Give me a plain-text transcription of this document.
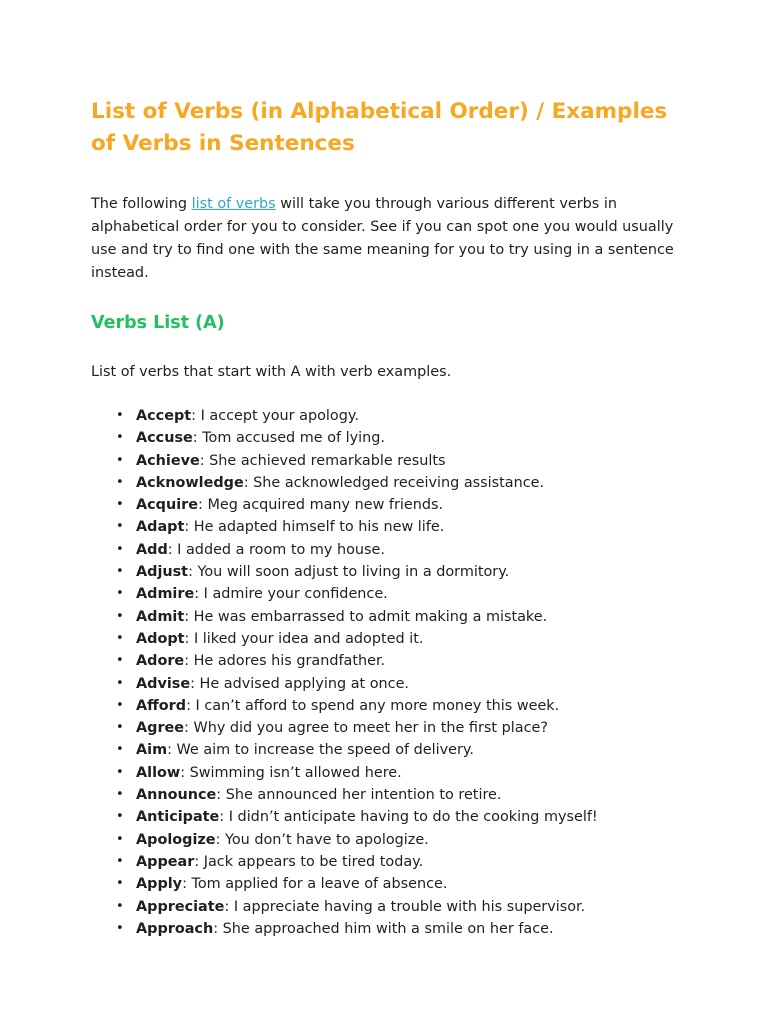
List of Verbs (in Alphabetical Order) / Examples of Verbs in Sentences

The following list of verbs will take you through various different verbs in alphabetical order for you to consider. See if you can spot one you would usually use and try to find one with the same meaning for you to try using in a sentence instead.

Verbs List (A)

List of verbs that start with A with verb examples.

• Accept: I accept your apology.
• Accuse: Tom accused me of lying.
• Achieve: She achieved remarkable results
• Acknowledge: She acknowledged receiving assistance.
• Acquire: Meg acquired many new friends.
• Adapt: He adapted himself to his new life.
• Add: I added a room to my house.
• Adjust: You will soon adjust to living in a dormitory.
• Admire: I admire your confidence.
• Admit: He was embarrassed to admit making a mistake.
• Adopt: I liked your idea and adopted it.
• Adore: He adores his grandfather.
• Advise: He advised applying at once.
• Afford: I can’t afford to spend any more money this week.
• Agree: Why did you agree to meet her in the first place?
• Aim: We aim to increase the speed of delivery.
• Allow: Swimming isn’t allowed here.
• Announce: She announced her intention to retire.
• Anticipate: I didn’t anticipate having to do the cooking myself!
• Apologize: You don’t have to apologize.
• Appear: Jack appears to be tired today.
• Apply: Tom applied for a leave of absence.
• Appreciate: I appreciate having a trouble with his supervisor.
• Approach: She approached him with a smile on her face.
